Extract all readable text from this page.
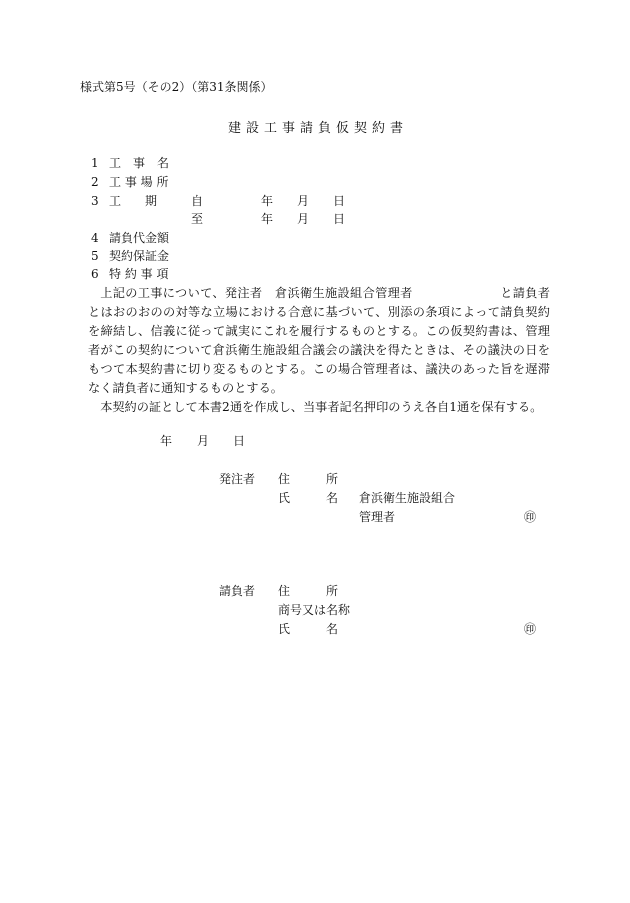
様式第5号（その2）（第31条関係）
建設工事請負仮契約書
1 工　事　名
2 工 事 場 所
3 工　　期	自	年 月 日
至	年 月 日
4 請負代金額
5 契約保証金
6 特 約 事 項

上記の工事について、発注者　倉浜衛生施設組合管理者　　　　　　　と請負者　　　　　とはおのおのの対等な立場における合意に基づいて、別添の条項によって請負契約を締結し、信義に従って誠実にこれを履行するものとする。この仮契約書は、管理者がこの契約について倉浜衛生施設組合議会の議決を得たときは、その議決の日をもつて本契約書に切り変るものとする。この場合管理者は、議決のあった旨を遅滞なく請負者に通知するものとする。

本契約の証として本書2通を作成し、当事者記名押印のうえ各自1通を保有する。

年 月 日
発注者 住　　　所
氏　　　名 倉浜衛生施設組合
管理者	㊞
請負者 住　　　所
商号又は名称
氏　　　名	㊞
